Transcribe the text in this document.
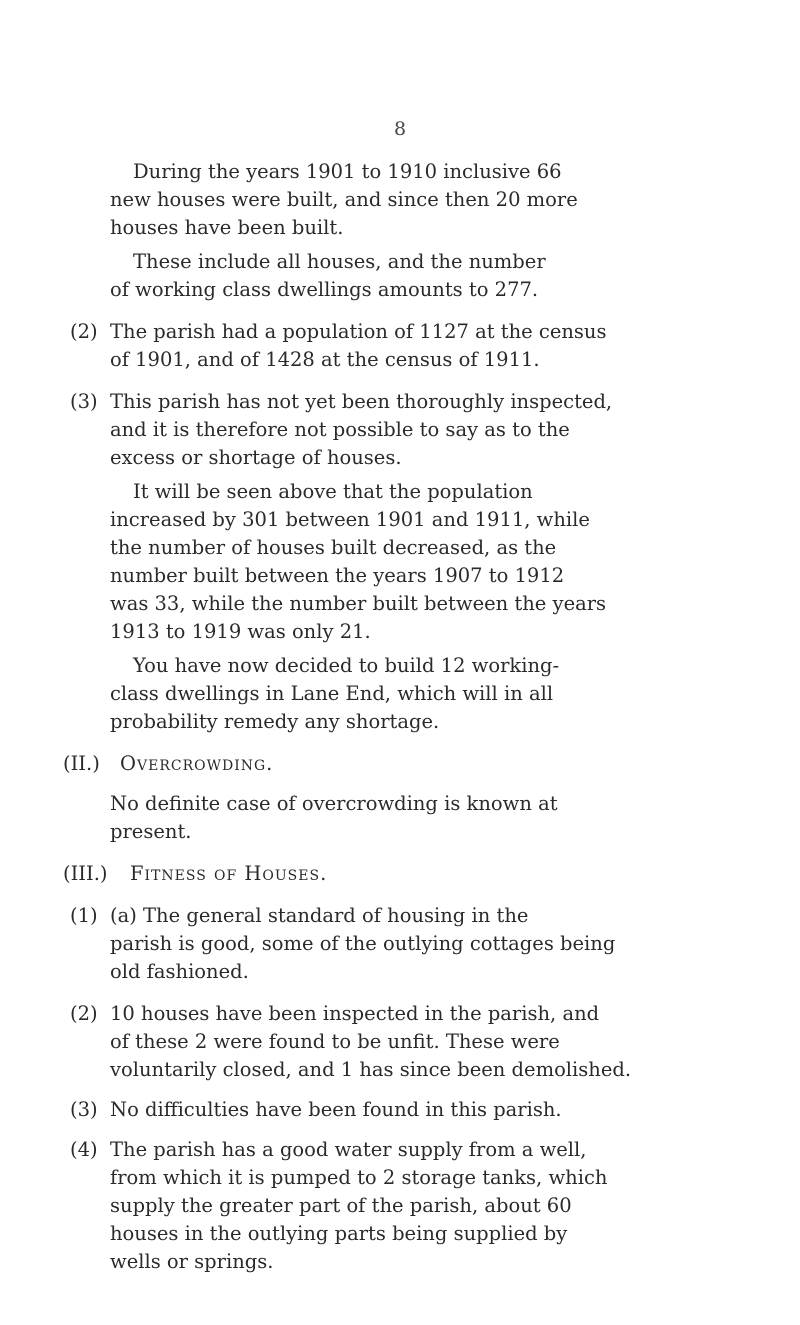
8
During the years 1901 to 1910 inclusive 66
new houses were built, and since then 20 more
houses have been built.
These include all houses, and the number
of working class dwellings amounts to 277.
(2) The parish had a population of 1127 at the census
of 1901, and of 1428 at the census of 1911.
(3) This parish has not yet been thoroughly inspected,
and it is therefore not possible to say as to the
excess or shortage of houses.
It will be seen above that the population
increased by 301 between 1901 and 1911, while
the number of houses built decreased, as the
number built between the years 1907 to 1912
was 33, while the number built between the years
1913 to 1919 was only 21.
You have now decided to build 12 working-
class dwellings in Lane End, which will in all
probability remedy any shortage.
(II.) Overcrowding.
No definite case of overcrowding is known at
present.
(III.) Fitness of Houses.
(1) (a) The general standard of housing in the
parish is good, some of the outlying cottages being
old fashioned.
(2) 10 houses have been inspected in the parish, and
of these 2 were found to be unfit. These were
voluntarily closed, and 1 has since been demolished.
(3) No difficulties have been found in this parish.
(4) The parish has a good water supply from a well,
from which it is pumped to 2 storage tanks, which
supply the greater part of the parish, about 60
houses in the outlying parts being supplied by
wells or springs.
